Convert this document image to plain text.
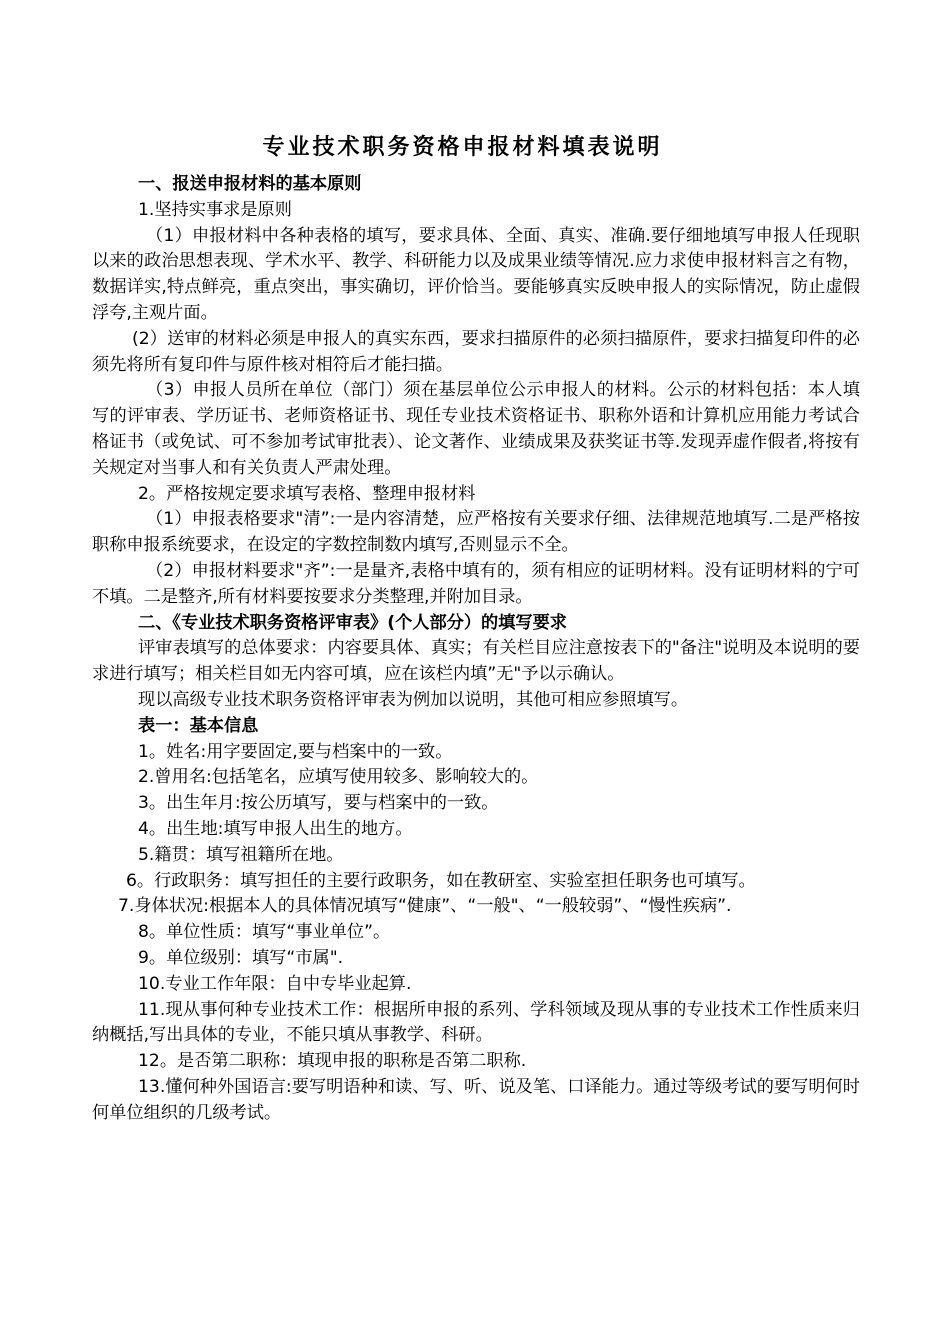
专业技术职务资格申报材料填表说明

一、报送申报材料的基本原则

1.坚持实事求是原则

（1）申报材料中各种表格的填写，要求具体、全面、真实、准确.要仔细地填写申报人任现职以来的政治思想表现、学术水平、教学、科研能力以及成果业绩等情况.应力求使申报材料言之有物，数据详实,特点鲜亮，重点突出，事实确切，评价恰当。要能够真实反映申报人的实际情况，防止虚假浮夸,主观片面。

(2）送审的材料必须是申报人的真实东西，要求扫描原件的必须扫描原件，要求扫描复印件的必须先将所有复印件与原件核对相符后才能扫描。

（3）申报人员所在单位（部门）须在基层单位公示申报人的材料。公示的材料包括：本人填写的评审表、学历证书、老师资格证书、现任专业技术资格证书、职称外语和计算机应用能力考试合格证书（或免试、可不参加考试审批表）、论文著作、业绩成果及获奖证书等.发现弄虚作假者,将按有关规定对当事人和有关负责人严肃处理。

2。严格按规定要求填写表格、整理申报材料

（1）申报表格要求"清”:一是内容清楚，应严格按有关要求仔细、法律规范地填写.二是严格按职称申报系统要求，在设定的字数控制数内填写,否则显示不全。

（2）申报材料要求"齐”:一是量齐,表格中填有的，须有相应的证明材料。没有证明材料的宁可不填。二是整齐,所有材料要按要求分类整理,并附加目录。

二、《专业技术职务资格评审表》(个人部分）的填写要求

评审表填写的总体要求：内容要具体、真实；有关栏目应注意按表下的"备注"说明及本说明的要求进行填写；相关栏目如无内容可填，应在该栏内填”无"予以示确认。

现以高级专业技术职务资格评审表为例加以说明，其他可相应参照填写。

表一：基本信息

1。姓名:用字要固定,要与档案中的一致。

2.曾用名:包括笔名，应填写使用较多、影响较大的。

3。出生年月:按公历填写，要与档案中的一致。

4。出生地:填写申报人出生的地方。

5.籍贯：填写祖籍所在地。

6。行政职务：填写担任的主要行政职务，如在教研室、实验室担任职务也可填写。

7.身体状况:根据本人的具体情况填写“健康”、“一般"、“一般较弱”、“慢性疾病”.

8。单位性质：填写“事业单位”。

9。单位级别：填写“市属".

10.专业工作年限：自中专毕业起算.

11.现从事何种专业技术工作：根据所申报的系列、学科领域及现从事的专业技术工作性质来归纳概括,写出具体的专业，不能只填从事教学、科研。

12。是否第二职称：填现申报的职称是否第二职称.

13.懂何种外国语言:要写明语种和读、写、听、说及笔、口译能力。通过等级考试的要写明何时何单位组织的几级考试。
